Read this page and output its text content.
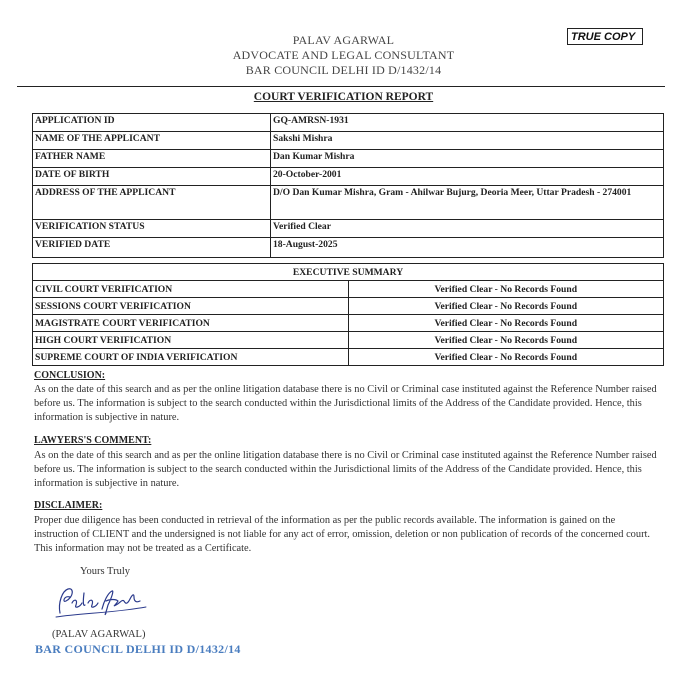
PALAV AGARWAL
ADVOCATE AND LEGAL CONSULTANT
BAR COUNCIL DELHI ID D/1432/14
TRUE COPY
COURT VERIFICATION REPORT
APPLICATION ID	GQ-AMRSN-1931
NAME OF THE APPLICANT	Sakshi Mishra
FATHER NAME	Dan Kumar Mishra
DATE OF BIRTH	20-October-2001
ADDRESS OF THE APPLICANT	D/O Dan Kumar Mishra, Gram - Ahilwar Bujurg, Deoria Meer, Uttar Pradesh - 274001
VERIFICATION STATUS	Verified Clear
VERIFIED DATE	18-August-2025
EXECUTIVE SUMMARY	
CIVIL COURT VERIFICATION	Verified Clear - No Records Found
SESSIONS COURT VERIFICATION	Verified Clear - No Records Found
MAGISTRATE COURT VERIFICATION	Verified Clear - No Records Found
HIGH COURT VERIFICATION	Verified Clear - No Records Found
SUPREME COURT OF INDIA VERIFICATION	Verified Clear - No Records Found
CONCLUSION:
As on the date of this search and as per the online litigation database there is no Civil or Criminal case instituted against the Reference Number raised before us. The information is subject to the search conducted within the Jurisdictional limits of the Address of the Candidate provided. Hence, this information is subjective in nature.
LAWYERS'S COMMENT:
As on the date of this search and as per the online litigation database there is no Civil or Criminal case instituted against the Reference Number raised before us. The information is subject to the search conducted within the Jurisdictional limits of the Address of the Candidate provided. Hence, this information is subjective in nature.
DISCLAIMER:
Proper due diligence has been conducted in retrieval of the information as per the public records available. The information is gained on the instruction of CLIENT and the undersigned is not liable for any act of error, omission, deletion or non publication of records of the concerned court. This information may not be treated as a Certificate.
Yours Truly
(PALAV AGARWAL)
BAR COUNCIL DELHI ID D/1432/14
